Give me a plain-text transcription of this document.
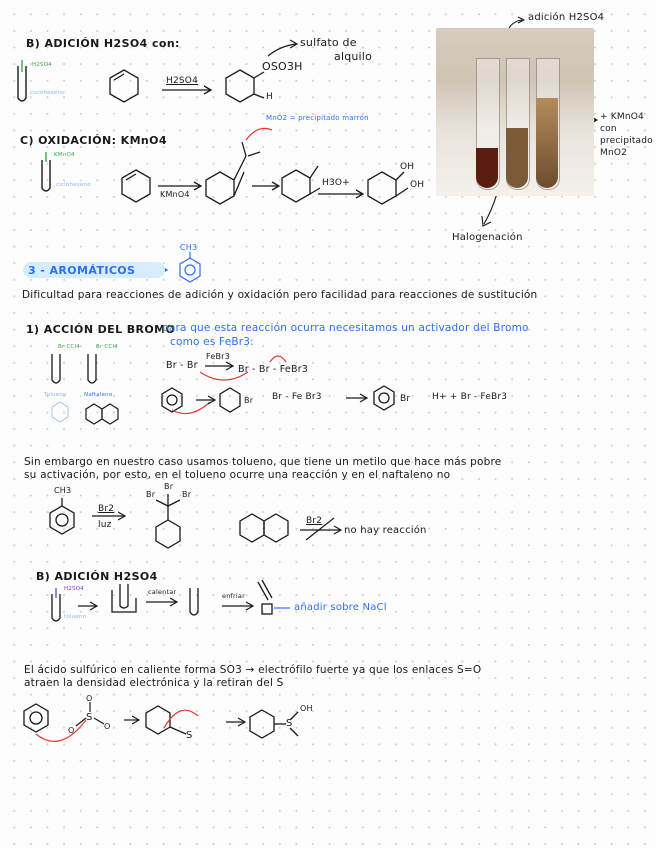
B) ADICIÓN H2SO4 con:
H2SO4
ciclohexeno
H2SO4
OSO3H
H
sulfato de
alquilo
C) OXIDACIÓN: KMnO4
KMnO4
ciclohexeno
KMnO4
MnO2 = precipitado marrón
H3O+
OH
OH
adición H2SO4
+ KMnO4
con
precipitado
MnO2
Halogenación
3 - AROMÁTICOS
CH3
Dificultad para reacciones de adición y oxidación pero facilidad para reacciones de sustitución
1) ACCIÓN DEL BROMO
para que esta reacción ocurra necesitamos un activador del Bromo
como es FeBr3:
Br CCl4	Br CCl4
Tolueno	Naftaleno
Br - Br
FeBr3
Br - Br - FeBr3
Br Br - Fe Br3	Br H+ + Br - FeBr3
Sin embargo en nuestro caso usamos tolueno, que tiene un metilo que hace más pobre
su activación, por esto, en el tolueno ocurre una reacción y en el naftaleno no
CH3
Br2
luz
Br
Br
Br
Br2
no hay reacción
B) ADICIÓN H2SO4
H2SO4
tolueno
calentar	enfriar
añadir sobre NaCl
El ácido sulfúrico en caliente forma SO3 → electrófilo fuerte ya que los enlaces S=O
atraen la densidad electrónica y la retiran del S
S
O
O
O	S
S
OH
